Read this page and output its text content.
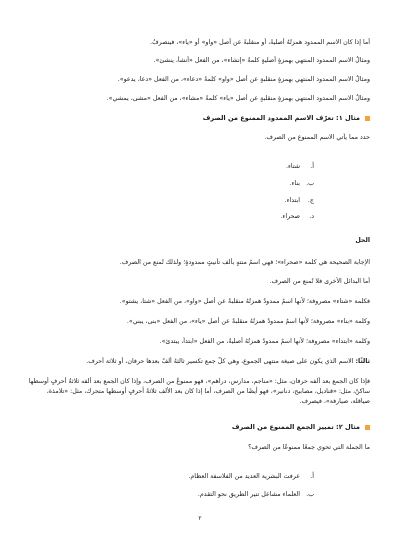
أما إذا كان الاسم الممدود همزتُهُ أصليةً، أو منقلبةً عن أصل «واو» أو «ياء»، فينصرفُ.
ومثالُ الاسم الممدود المنتهي بهمزةٍ أصليةٍ كلمةُ «إنشاء»، من الفعل «أنشأ، ينشئ».
ومثالُ الاسم الممدود المنتهي بهمزةٍ منقلبةٍ عن أصل «واو» كلمةُ «دعاء»، من الفعل «دعا، يدعو».
ومثالُ الاسم الممدود المنتهي بهمزةٍ منقلبةٍ عن أصل «ياء» كلمةُ «مشاء»، من الفعل «مشى، يمشي».
مثال ١: تعرّف الاسم الممدود الممنوع من الصرف
حدد مما يأتي الاسم الممنوع من الصرف.
أ.شتاء.
ب.بناء.
ج.ابتداء.
د.صحراء.
الحل
الإجابة الصحيحة هي كلمة «صحراء»؛ فهي اسمٌ منتهٍ بألف تأنيثٍ ممدودةٍ؛ ولذلك تُمنع من الصرف.
أما البدائل الأخرى فلا تُمنع من الصرف.
فكلمة «شتاء» مصروفة؛ لأنها اسمٌ ممدودٌ همزتُهُ منقلبةٌ عن أصل «واو»، من الفعل «شتا، يشتو».
وكلمة «بناء» مصروفة؛ لأنها اسمٌ ممدودٌ همزتُهُ منقلبةٌ عن أصل «ياء»، من الفعل «بنى، يبني».
وكلمة «ابتداء» مصروفة؛ لأنها اسمٌ ممدودٌ همزتُهُ أصليةٌ، من الفعل «ابتدأ، يبتدئ».
ثالثًا: الاسم الذي يكون على صيغة منتهى الجموع، وهي كلُّ جمع تكسير ثالثهُ ألفٌ بعدها حرفان، أو ثلاثة أحرف.
فإذا كان الجمع بعد ألفه حرفان، مثل: «مناجم، مدارس، دراهم»، فهو ممنوعٌ من الصرف، وإذا كان الجمع بعد ألفه ثلاثةُ أحرفٍ أوسطها ساكنٌ، مثل: «قناديل، مصابيح، دنانير»، فهو أيضًا من الصرف، أما إذا كان بعد الألف ثلاثةُ أحرفٍ أوسطها متحرك، مثل: «تلامذة، صياقلة، صيارفة»، فيصرف.
مثال ٢: تمييز الجمع الممنوع من الصرف
ما الجملة التي تحوي جمعًا ممنوعًا من الصرف؟
أ.عرفت البشرية العديد من الفلاسفة العظام.
ب.العلماء مشاعل تنير الطريق نحو التقدم.
٢
